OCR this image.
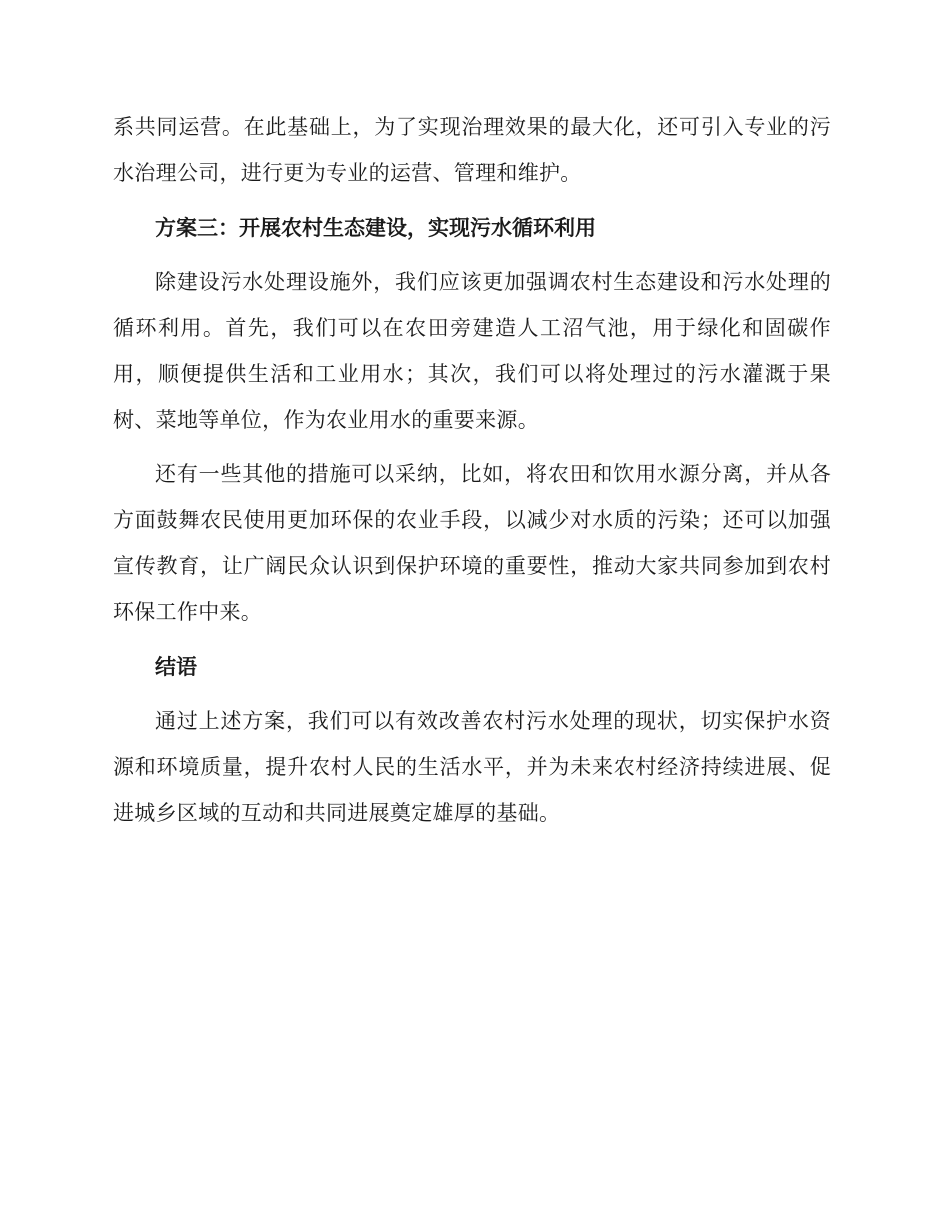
系共同运营。在此基础上，为了实现治理效果的最大化，还可引入专业的污水治理公司，进行更为专业的运营、管理和维护。

方案三：开展农村生态建设，实现污水循环利用

除建设污水处理设施外，我们应该更加强调农村生态建设和污水处理的循环利用。首先，我们可以在农田旁建造人工沼气池，用于绿化和固碳作用，顺便提供生活和工业用水；其次，我们可以将处理过的污水灌溉于果树、菜地等单位，作为农业用水的重要来源。

还有一些其他的措施可以采纳，比如，将农田和饮用水源分离，并从各方面鼓舞农民使用更加环保的农业手段，以减少对水质的污染；还可以加强宣传教育，让广阔民众认识到保护环境的重要性，推动大家共同参加到农村环保工作中来。

结语

通过上述方案，我们可以有效改善农村污水处理的现状，切实保护水资源和环境质量，提升农村人民的生活水平，并为未来农村经济持续进展、促进城乡区域的互动和共同进展奠定雄厚的基础。
